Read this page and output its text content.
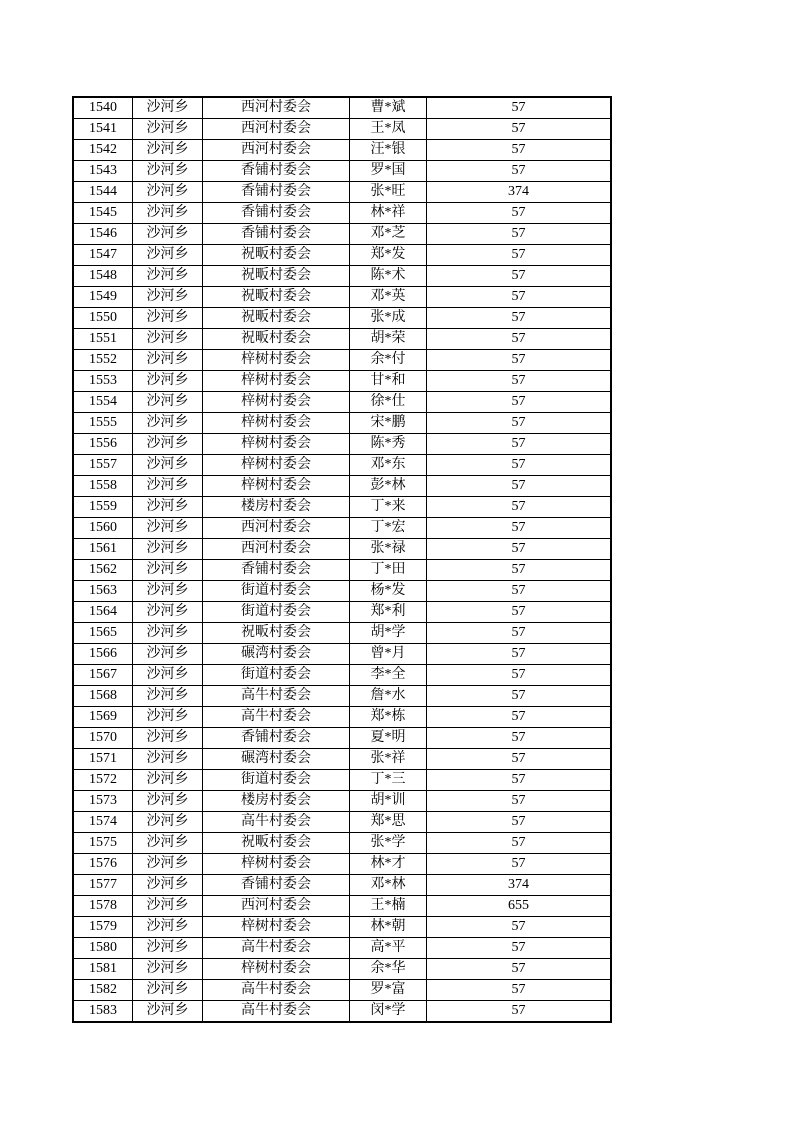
1540	沙河乡	西河村委会	曹*斌	57
1541	沙河乡	西河村委会	王*凤	57
1542	沙河乡	西河村委会	汪*银	57
1543	沙河乡	香铺村委会	罗*国	57
1544	沙河乡	香铺村委会	张*旺	374
1545	沙河乡	香铺村委会	林*祥	57
1546	沙河乡	香铺村委会	邓*芝	57
1547	沙河乡	祝畈村委会	郑*发	57
1548	沙河乡	祝畈村委会	陈*术	57
1549	沙河乡	祝畈村委会	邓*英	57
1550	沙河乡	祝畈村委会	张*成	57
1551	沙河乡	祝畈村委会	胡*荣	57
1552	沙河乡	梓树村委会	余*付	57
1553	沙河乡	梓树村委会	甘*和	57
1554	沙河乡	梓树村委会	徐*仕	57
1555	沙河乡	梓树村委会	宋*鹏	57
1556	沙河乡	梓树村委会	陈*秀	57
1557	沙河乡	梓树村委会	邓*东	57
1558	沙河乡	梓树村委会	彭*林	57
1559	沙河乡	楼房村委会	丁*来	57
1560	沙河乡	西河村委会	丁*宏	57
1561	沙河乡	西河村委会	张*禄	57
1562	沙河乡	香铺村委会	丁*田	57
1563	沙河乡	街道村委会	杨*发	57
1564	沙河乡	街道村委会	郑*利	57
1565	沙河乡	祝畈村委会	胡*学	57
1566	沙河乡	碾湾村委会	曾*月	57
1567	沙河乡	街道村委会	李*全	57
1568	沙河乡	高牛村委会	詹*水	57
1569	沙河乡	高牛村委会	郑*栋	57
1570	沙河乡	香铺村委会	夏*明	57
1571	沙河乡	碾湾村委会	张*祥	57
1572	沙河乡	街道村委会	丁*三	57
1573	沙河乡	楼房村委会	胡*训	57
1574	沙河乡	高牛村委会	郑*思	57
1575	沙河乡	祝畈村委会	张*学	57
1576	沙河乡	梓树村委会	林*才	57
1577	沙河乡	香铺村委会	邓*林	374
1578	沙河乡	西河村委会	王*楠	655
1579	沙河乡	梓树村委会	林*朝	57
1580	沙河乡	高牛村委会	高*平	57
1581	沙河乡	梓树村委会	余*华	57
1582	沙河乡	高牛村委会	罗*富	57
1583	沙河乡	高牛村委会	闵*学	57
